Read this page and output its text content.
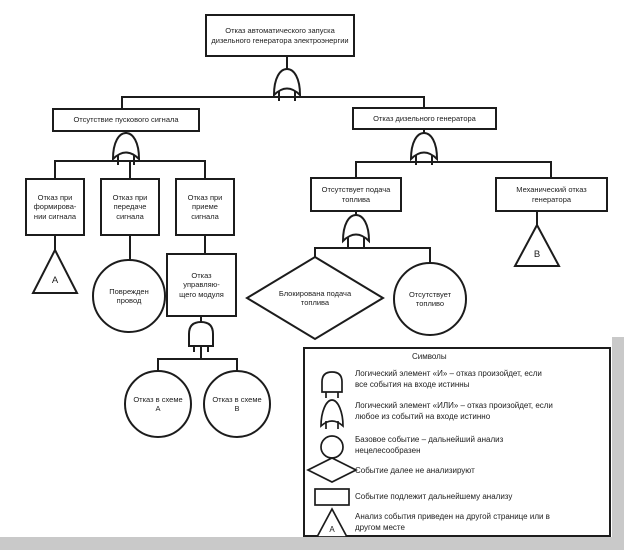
Отказ автоматического запуска дизельного генератора электроэнергии
Отсутствие пускового сигнала	Отказ дизельного генератора
Отказ при формирова-нии сигнала
Отказ при передаче сигнала
Отказ при приеме сигнала
A
Поврежден провод
Отказ управляю-щего модуля
Отказ в схеме A
Отказ в схеме B
Отсутствует подача топлива
Механический отказ генератора
Блокирована подача топлива
Отсутствует топливо
B
Символы
Логический элемент «И» – отказ произойдет, если все события на входе истинны
Логический элемент «ИЛИ» – отказ произойдет, если любое из событий на входе истинно
Базовое событие – дальнейший анализ нецелесообразен
Событие далее не анализируют
Событие подлежит дальнейшему анализу
Анализ события приведен на другой странице или в другом месте
A
